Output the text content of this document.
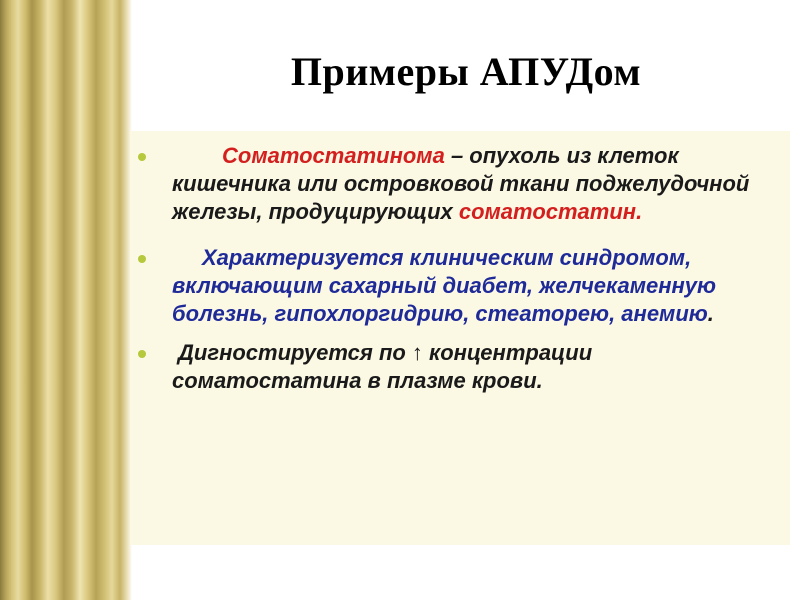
Примеры АПУДом
Соматостатинома – опухоль из клеток кишечника или островковой ткани поджелудочной железы, продуцирующих соматостатин.
Характеризуется клиническим синдромом, включающим сахарный диабет, желчекаменную болезнь, гипохлоргидрию, стеаторею, анемию.
Дигностируется по ↑ концентрации соматостатина в плазме крови.
